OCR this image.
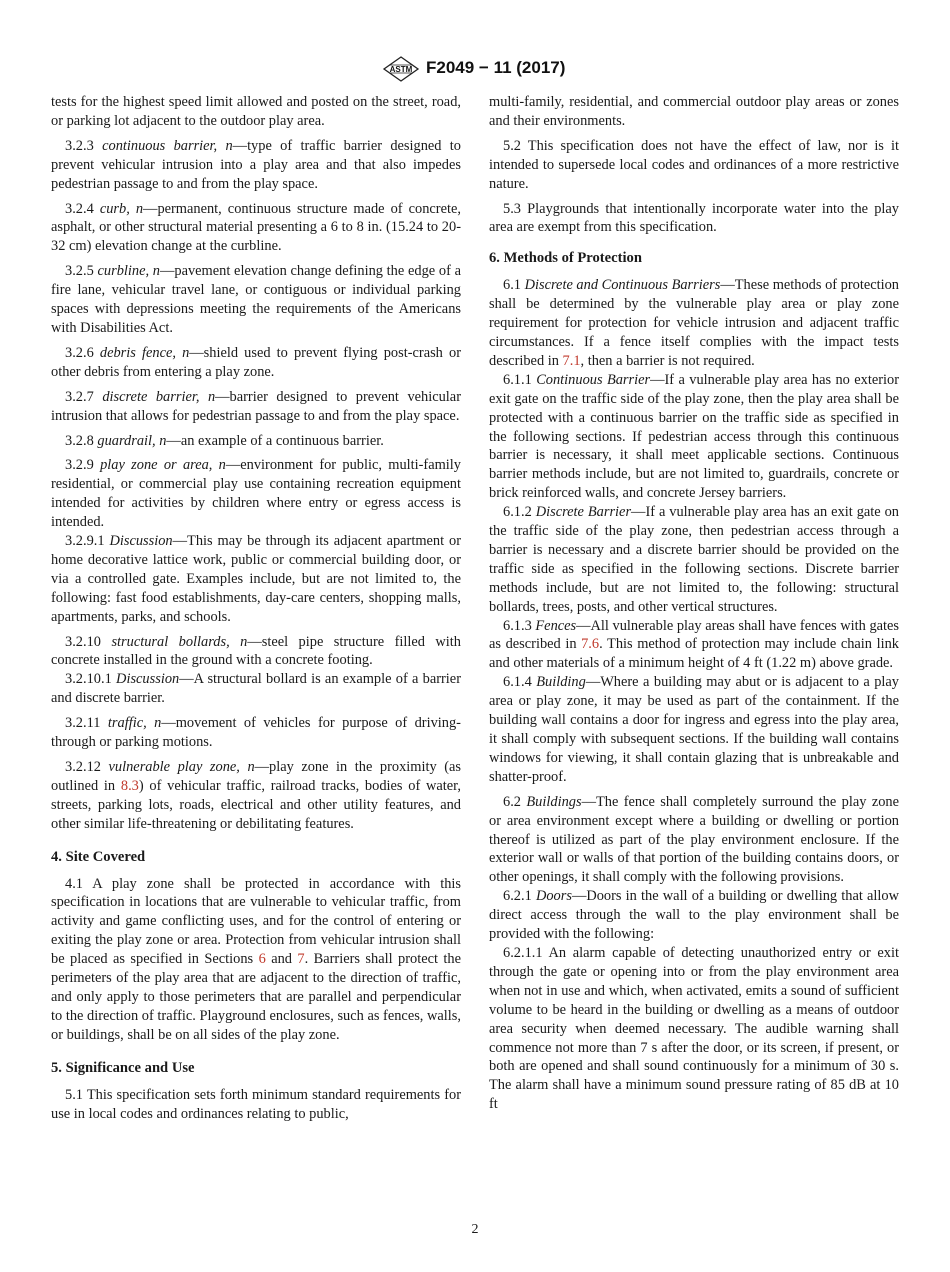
ASTM F2049 − 11 (2017)

tests for the highest speed limit allowed and posted on the street, road, or parking lot adjacent to the outdoor play area.

3.2.3 continuous barrier, n—type of traffic barrier designed to prevent vehicular intrusion into a play area and that also impedes pedestrian passage to and from the play space.

3.2.4 curb, n—permanent, continuous structure made of concrete, asphalt, or other structural material presenting a 6 to 8 in. (15.24 to 20-32 cm) elevation change at the curbline.

3.2.5 curbline, n—pavement elevation change defining the edge of a fire lane, vehicular travel lane, or contiguous or individual parking spaces with depressions meeting the requirements of the Americans with Disabilities Act.

3.2.6 debris fence, n—shield used to prevent flying post-crash or other debris from entering a play zone.

3.2.7 discrete barrier, n—barrier designed to prevent vehicular intrusion that allows for pedestrian passage to and from the play space.

3.2.8 guardrail, n—an example of a continuous barrier.

3.2.9 play zone or area, n—environment for public, multi-family residential, or commercial play use containing recreation equipment intended for activities by children where entry or egress access is intended.

3.2.9.1 Discussion—This may be through its adjacent apartment or home decorative lattice work, public or commercial building door, or via a controlled gate. Examples include, but are not limited to, the following: fast food establishments, day-care centers, shopping malls, apartments, parks, and schools.

3.2.10 structural bollards, n—steel pipe structure filled with concrete installed in the ground with a concrete footing.

3.2.10.1 Discussion—A structural bollard is an example of a barrier and discrete barrier.

3.2.11 traffic, n—movement of vehicles for purpose of driving-through or parking motions.

3.2.12 vulnerable play zone, n—play zone in the proximity (as outlined in 8.3) of vehicular traffic, railroad tracks, bodies of water, streets, parking lots, roads, electrical and other utility features, and other similar life-threatening or debilitating features.

4. Site Covered

4.1 A play zone shall be protected in accordance with this specification in locations that are vulnerable to vehicular traffic, from activity and game conflicting uses, and for the control of entering or exiting the play zone or area. Protection from vehicular intrusion shall be placed as specified in Sections 6 and 7. Barriers shall protect the perimeters of the play area that are adjacent to the direction of traffic, and only apply to those perimeters that are parallel and perpendicular to the direction of traffic. Playground enclosures, such as fences, walls, or buildings, shall be on all sides of the play zone.

5. Significance and Use

5.1 This specification sets forth minimum standard requirements for use in local codes and ordinances relating to public,

multi-family, residential, and commercial outdoor play areas or zones and their environments.

5.2 This specification does not have the effect of law, nor is it intended to supersede local codes and ordinances of a more restrictive nature.

5.3 Playgrounds that intentionally incorporate water into the play area are exempt from this specification.

6. Methods of Protection

6.1 Discrete and Continuous Barriers—These methods of protection shall be determined by the vulnerable play area or play zone requirement for protection for vehicle intrusion and adjacent traffic circumstances. If a fence itself complies with the impact tests described in 7.1, then a barrier is not required.

6.1.1 Continuous Barrier—If a vulnerable play area has no exterior exit gate on the traffic side of the play zone, then the play area shall be protected with a continuous barrier on the traffic side as specified in the following sections. If pedestrian access through this continuous barrier is necessary, it shall meet applicable sections. Continuous barrier methods include, but are not limited to, guardrails, concrete or brick reinforced walls, and concrete Jersey barriers.

6.1.2 Discrete Barrier—If a vulnerable play area has an exit gate on the traffic side of the play zone, then pedestrian access through a barrier is necessary and a discrete barrier should be provided on the traffic side as specified in the following sections. Discrete barrier methods include, but are not limited to, the following: structural bollards, trees, posts, and other vertical structures.

6.1.3 Fences—All vulnerable play areas shall have fences with gates as described in 7.6. This method of protection may include chain link and other materials of a minimum height of 4 ft (1.22 m) above grade.

6.1.4 Building—Where a building may abut or is adjacent to a play area or play zone, it may be used as part of the containment. If the building wall contains a door for ingress and egress into the play area, it shall comply with subsequent sections. If the building wall contains windows for viewing, it shall contain glazing that is unbreakable and shatter-proof.

6.2 Buildings—The fence shall completely surround the play zone or area environment except where a building or dwelling or portion thereof is utilized as part of the play environment enclosure. If the exterior wall or walls of that portion of the building contains doors, or other openings, it shall comply with the following provisions.

6.2.1 Doors—Doors in the wall of a building or dwelling that allow direct access through the wall to the play environment shall be provided with the following:

6.2.1.1 An alarm capable of detecting unauthorized entry or exit through the gate or opening into or from the play environment area when not in use and which, when activated, emits a sound of sufficient volume to be heard in the building or dwelling as a means of outdoor area security when deemed necessary. The audible warning shall commence not more than 7 s after the door, or its screen, if present, or both are opened and shall sound continuously for a minimum of 30 s. The alarm shall have a minimum sound pressure rating of 85 dB at 10 ft

2
